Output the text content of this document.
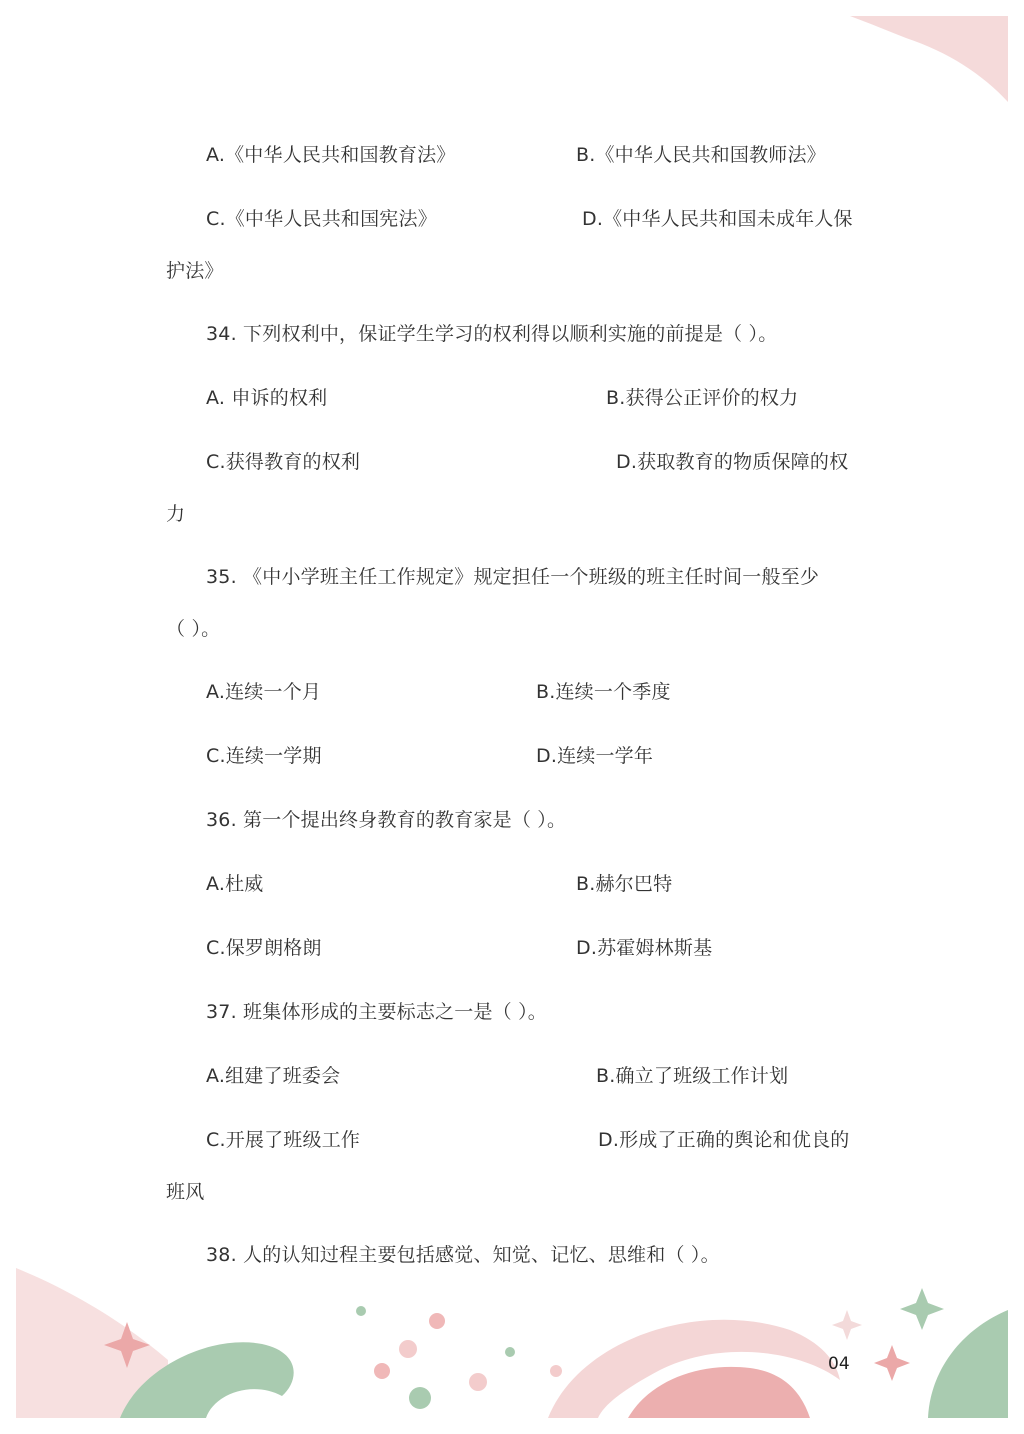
A.《中华人民共和国教育法》	B.《中华人民共和国教师法》
C.《中华人民共和国宪法》	D.《中华人民共和国未成年人保
护法》
34. 下列权利中，保证学生学习的权利得以顺利实施的前提是（ ）。
A. 申诉的权利	B.获得公正评价的权力
C.获得教育的权利	D.获取教育的物质保障的权
力
35. 《中小学班主任工作规定》规定担任一个班级的班主任时间一般至少
（ ）。
A.连续一个月	B.连续一个季度
C.连续一学期	D.连续一学年
36. 第一个提出终身教育的教育家是（ ）。
A.杜威	B.赫尔巴特
C.保罗朗格朗	D.苏霍姆林斯基
37. 班集体形成的主要标志之一是（ ）。
A.组建了班委会	B.确立了班级工作计划
C.开展了班级工作	D.形成了正确的舆论和优良的
班风
38. 人的认知过程主要包括感觉、知觉、记忆、思维和（ ）。
04
